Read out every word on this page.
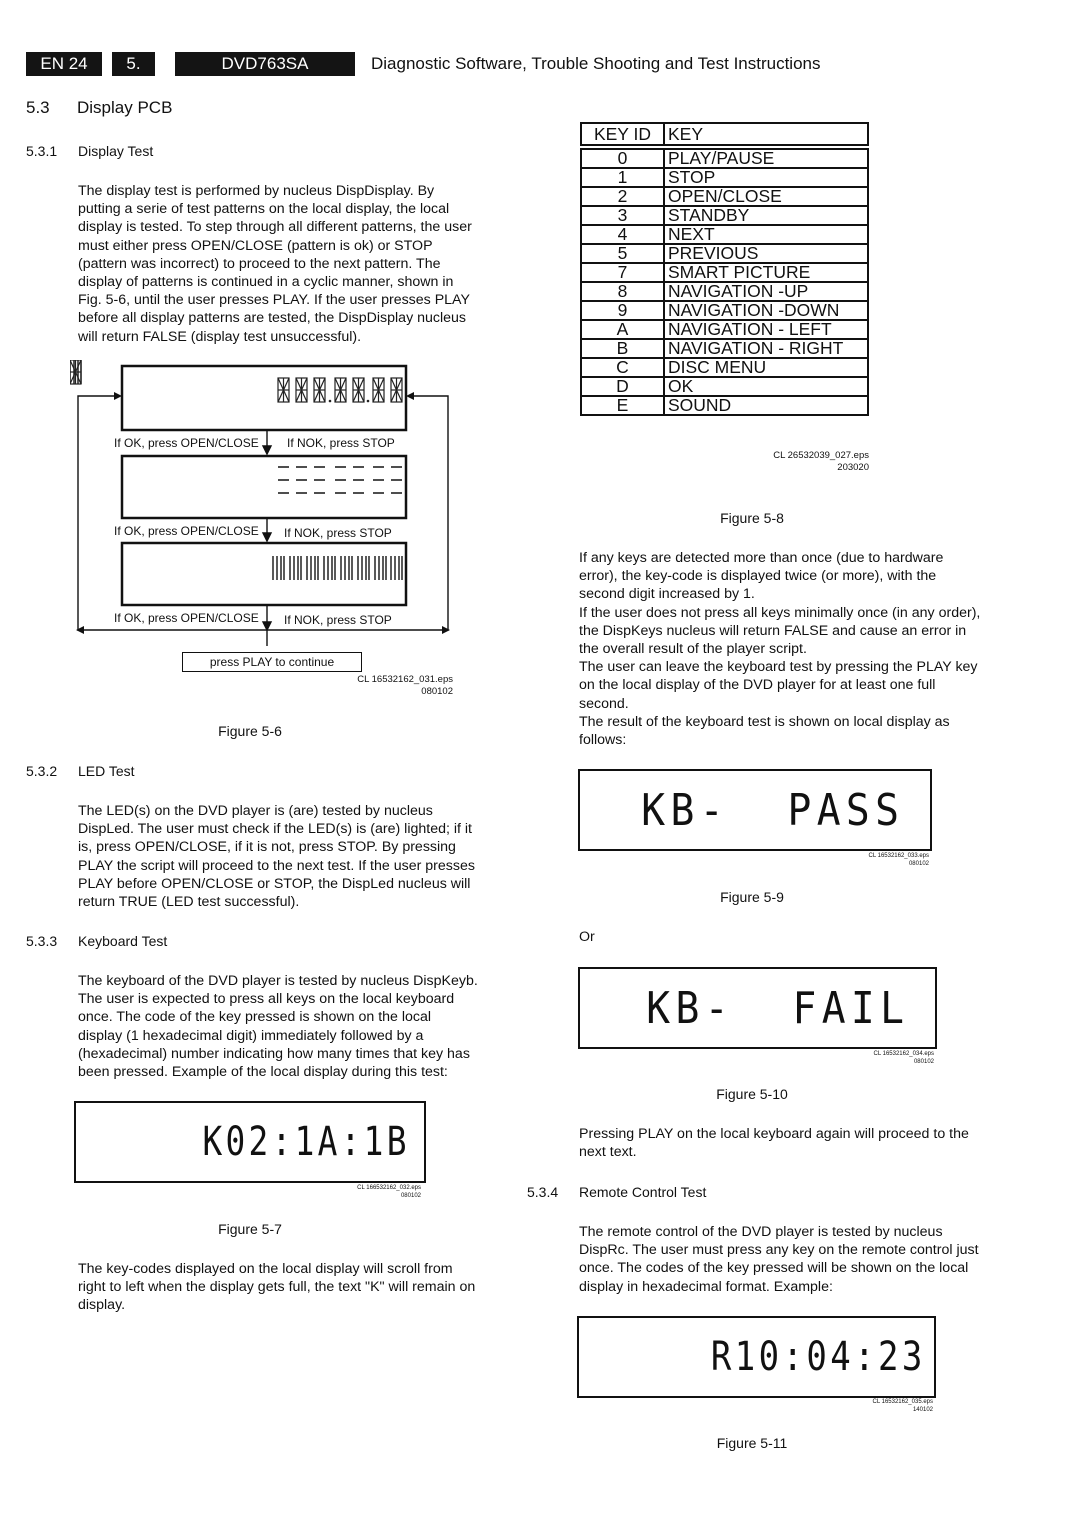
EN 24	5.	DVD763SA	Diagnostic Software, Trouble Shooting and Test Instructions
5.3 Display PCB
5.3.1 Display Test
The display test is performed by nucleus DispDisplay. By putting a serie of test patterns on the local display, the local display is tested. To step through all different patterns, the user must either press OPEN/CLOSE (pattern is ok) or STOP (pattern was incorrect) to proceed to the next pattern. The display of patterns is continued in a cyclic manner, shown in Fig. 5-6, until the user presses PLAY. If the user presses PLAY before all display patterns are tested, the DispDisplay nucleus will return FALSE (display test unsuccessful).
If OK, press OPEN/CLOSE If NOK, press STOP
If OK, press OPEN/CLOSE If NOK, press STOP
If OK, press OPEN/CLOSE If NOK, press STOP
press PLAY to continue
CL 16532162_031.eps
080102
Figure 5-6
5.3.2 LED Test
The LED(s) on the DVD player is (are) tested by nucleus DispLed. The user must check if the LED(s) is (are) lighted; if it is, press OPEN/CLOSE, if it is not, press STOP. By pressing PLAY the script will proceed to the next test. If the user presses PLAY before OPEN/CLOSE or STOP, the DispLed nucleus will return TRUE (LED test successful).
5.3.3 Keyboard Test
The keyboard of the DVD player is tested by nucleus DispKeyb. The user is expected to press all keys on the local keyboard once. The code of the key pressed is shown on the local display (1 hexadecimal digit) immediately followed by a (hexadecimal) number indicating how many times that key has been pressed. Example of the local display during this test:
K02:1A:1B
CL 166532162_032.eps
080102
Figure 5-7
The key-codes displayed on the local display will scroll from right to left when the display gets full, the text "K" will remain on display.
KEY ID	KEY

0	PLAY/PAUSE
1	STOP
2	OPEN/CLOSE
3	STANDBY
4	NEXT
5	PREVIOUS
7	SMART PICTURE
8	NAVIGATION -UP
9	NAVIGATION -DOWN
A	NAVIGATION - LEFT
B	NAVIGATION - RIGHT
C	DISC MENU
D	OK
E	SOUND
CL 26532039_027.eps
203020
Figure 5-8

If any keys are detected more than once (due to hardware error), the key-code is displayed twice (or more), with the second digit increased by 1.

If the user does not press all keys minimally once (in any order), the DispKeys nucleus will return FALSE and cause an error in the overall result of the player script.

The user can leave the keyboard test by pressing the PLAY key on the local display of the DVD player for at least one full second.

The result of the keyboard test is shown on local display as follows:

KB-  PASS
CL 16532162_033.eps
080102
Figure 5-9
Or
KB-  FAIL
CL 16532162_034.eps
080102
Figure 5-10
Pressing PLAY on the local keyboard again will proceed to the next text.
5.3.4 Remote Control Test
The remote control of the DVD player is tested by nucleus DispRc. The user must press any key on the remote control just once. The codes of the key pressed will be shown on the local display in hexadecimal format. Example:
R10:04:23
CL 16532162_035.eps
140102
Figure 5-11
